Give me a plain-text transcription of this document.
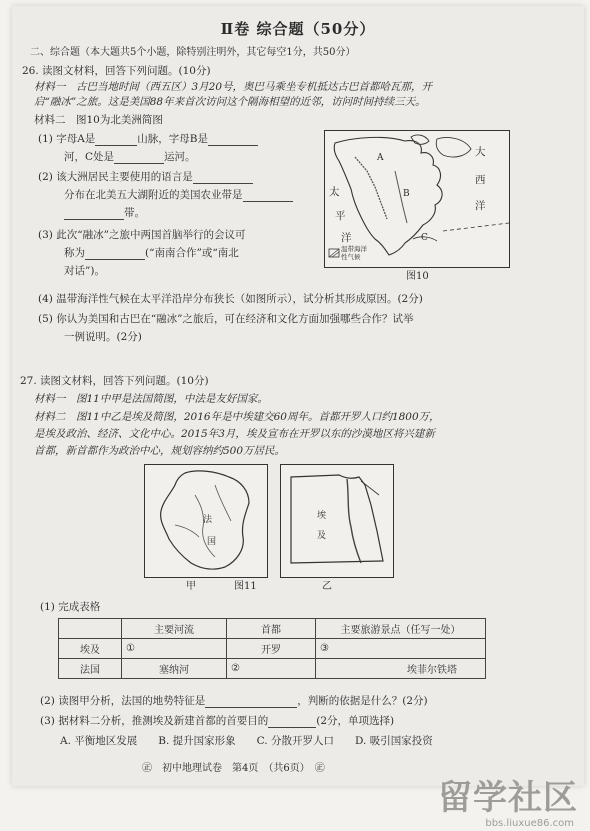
Ⅱ卷 综合题（50分）
二、综合题（本大题共5个小题，除特别注明外，其它每空1分，共50分）
26. 读图文材料，回答下列问题。(10分)
材料一　古巴当地时间（西五区）3月20号，奥巴马乘坐专机抵达古巴首都哈瓦那，开
启“融冰”之旅。这是美国88年来首次访问这个隔海相望的近邻，访问时间持续三天。
材料二　图10为北美洲简图
(1) 字母A是	山脉，字母B是
河，C处是	运河。
(2) 该大洲居民主要使用的语言是
分布在北美五大湖附近的美国农业带是
带。
(3) 此次“融冰”之旅中两国首脑举行的会议可
称为	(“南南合作”或“南北
对话”)。
A
B
C
大
西
洋
太
平
洋
温带海洋
性气候
图10
(4) 温带海洋性气候在太平洋沿岸分布狭长（如图所示），试分析其形成原因。(2分)
(5) 你认为美国和古巴在“融冰”之旅后，可在经济和文化方面加强哪些合作？试举
一例说明。(2分)
27. 读图文材料，回答下列问题。(10分)
材料一　图11中甲是法国简图，中法是友好国家。
材料二　图11中乙是埃及简图，2016年是中埃建交60周年。首都开罗人口约1800万，
是埃及政治、经济、文化中心。2015年3月，埃及宣布在开罗以东的沙漠地区将兴建新
首都，新首都作为政治中心，规划容纳约500万居民。
法
国
埃
及
甲	图11	乙
(1) 完成表格
	主要河流	首都	主要旅游景点（任写一处）
埃及	①	开罗	③
法国	塞纳河	②	埃菲尔铁塔
(2) 读图甲分析，法国的地势特征是	，判断的依据是什么？(2分)
(3) 据材料二分析，推测埃及新建首都的首要目的	(2分，单项选择)
A. 平衡地区发展　　B. 提升国家形象　　C. 分散开罗人口　　D. 吸引国家投资
㊣　初中地理试卷　第4页　（共6页）　㊣
留学社区
bbs.liuxue86.com
